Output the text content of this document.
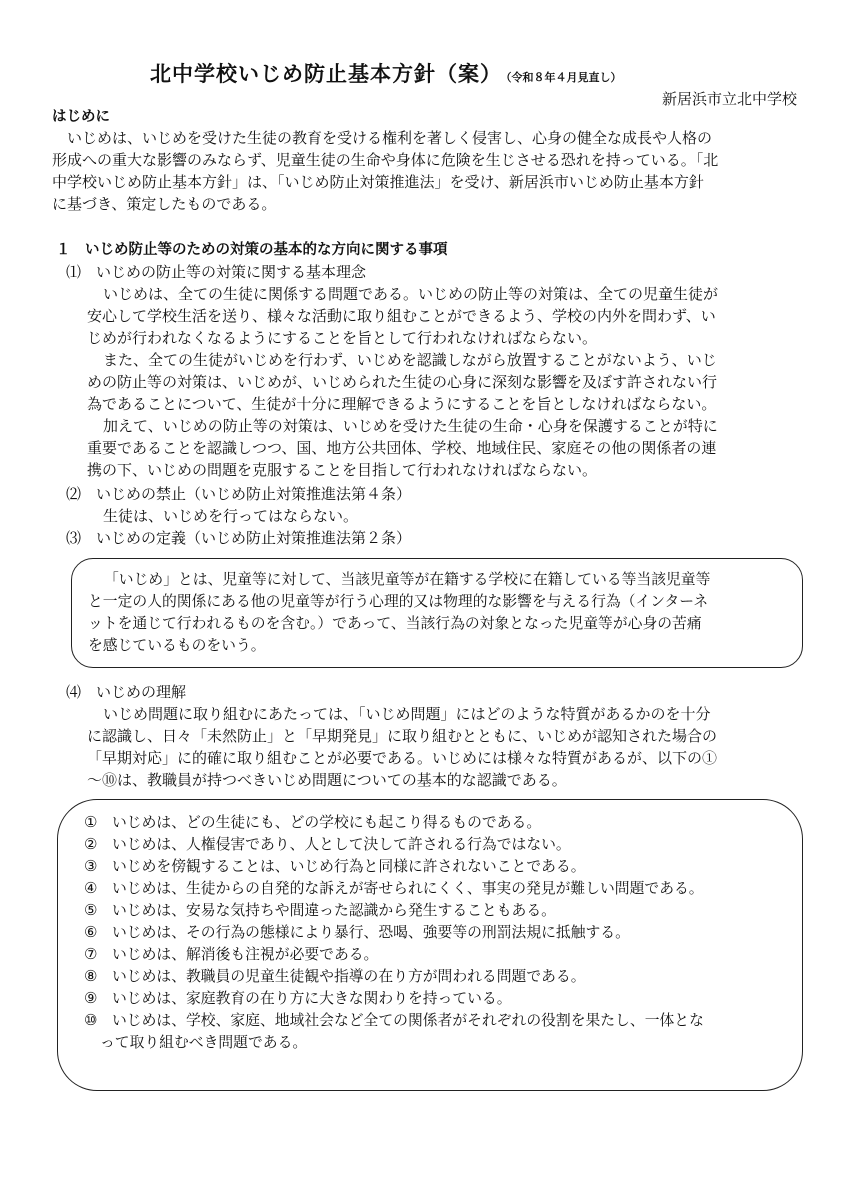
北中学校いじめ防止基本方針（案） （令和８年４月見直し）
新居浜市立北中学校
はじめに
いじめは、いじめを受けた生徒の教育を受ける権利を著しく侵害し、心身の健全な成長や人格の
形成への重大な影響のみならず、児童生徒の生命や身体に危険を生じさせる恐れを持っている。「北
中学校いじめ防止基本方針」は、「いじめ防止対策推進法」を受け、新居浜市いじめ防止基本方針
に基づき、策定したものである。
１　いじめ防止等のための対策の基本的な方向に関する事項
⑴　いじめの防止等の対策に関する基本理念
いじめは、全ての生徒に関係する問題である。いじめの防止等の対策は、全ての児童生徒が
安心して学校生活を送り、様々な活動に取り組むことができるよう、学校の内外を問わず、い
じめが行われなくなるようにすることを旨として行われなければならない。
また、全ての生徒がいじめを行わず、いじめを認識しながら放置することがないよう、いじ
めの防止等の対策は、いじめが、いじめられた生徒の心身に深刻な影響を及ぼす許されない行
為であることについて、生徒が十分に理解できるようにすることを旨としなければならない。
加えて、いじめの防止等の対策は、いじめを受けた生徒の生命・心身を保護することが特に
重要であることを認識しつつ、国、地方公共団体、学校、地域住民、家庭その他の関係者の連
携の下、いじめの問題を克服することを目指して行われなければならない。
⑵　いじめの禁止（いじめ防止対策推進法第４条）
生徒は、いじめを行ってはならない。
⑶　いじめの定義（いじめ防止対策推進法第２条）
「いじめ」とは、児童等に対して、当該児童等が在籍する学校に在籍している等当該児童等
と一定の人的関係にある他の児童等が行う心理的又は物理的な影響を与える行為（インターネ
ットを通じて行われるものを含む。）であって、当該行為の対象となった児童等が心身の苦痛
を感じているものをいう。
⑷　いじめの理解
いじめ問題に取り組むにあたっては、「いじめ問題」にはどのような特質があるかのを十分
に認識し、日々「未然防止」と「早期発見」に取り組むとともに、いじめが認知された場合の
「早期対応」に的確に取り組むことが必要である。いじめには様々な特質があるが、以下の①
～⑩は、教職員が持つべきいじめ問題についての基本的な認識である。
① いじめは、どの生徒にも、どの学校にも起こり得るものである。
② いじめは、人権侵害であり、人として決して許される行為ではない。
③ いじめを傍観することは、いじめ行為と同様に許されないことである。
④ いじめは、生徒からの自発的な訴えが寄せられにくく、事実の発見が難しい問題である。
⑤ いじめは、安易な気持ちや間違った認識から発生することもある。
⑥ いじめは、その行為の態様により暴行、恐喝、強要等の刑罰法規に抵触する。
⑦ いじめは、解消後も注視が必要である。
⑧ いじめは、教職員の児童生徒観や指導の在り方が問われる問題である。
⑨ いじめは、家庭教育の在り方に大きな関わりを持っている。
⑩ いじめは、学校、家庭、地域社会など全ての関係者がそれぞれの役割を果たし、一体とな
って取り組むべき問題である。
